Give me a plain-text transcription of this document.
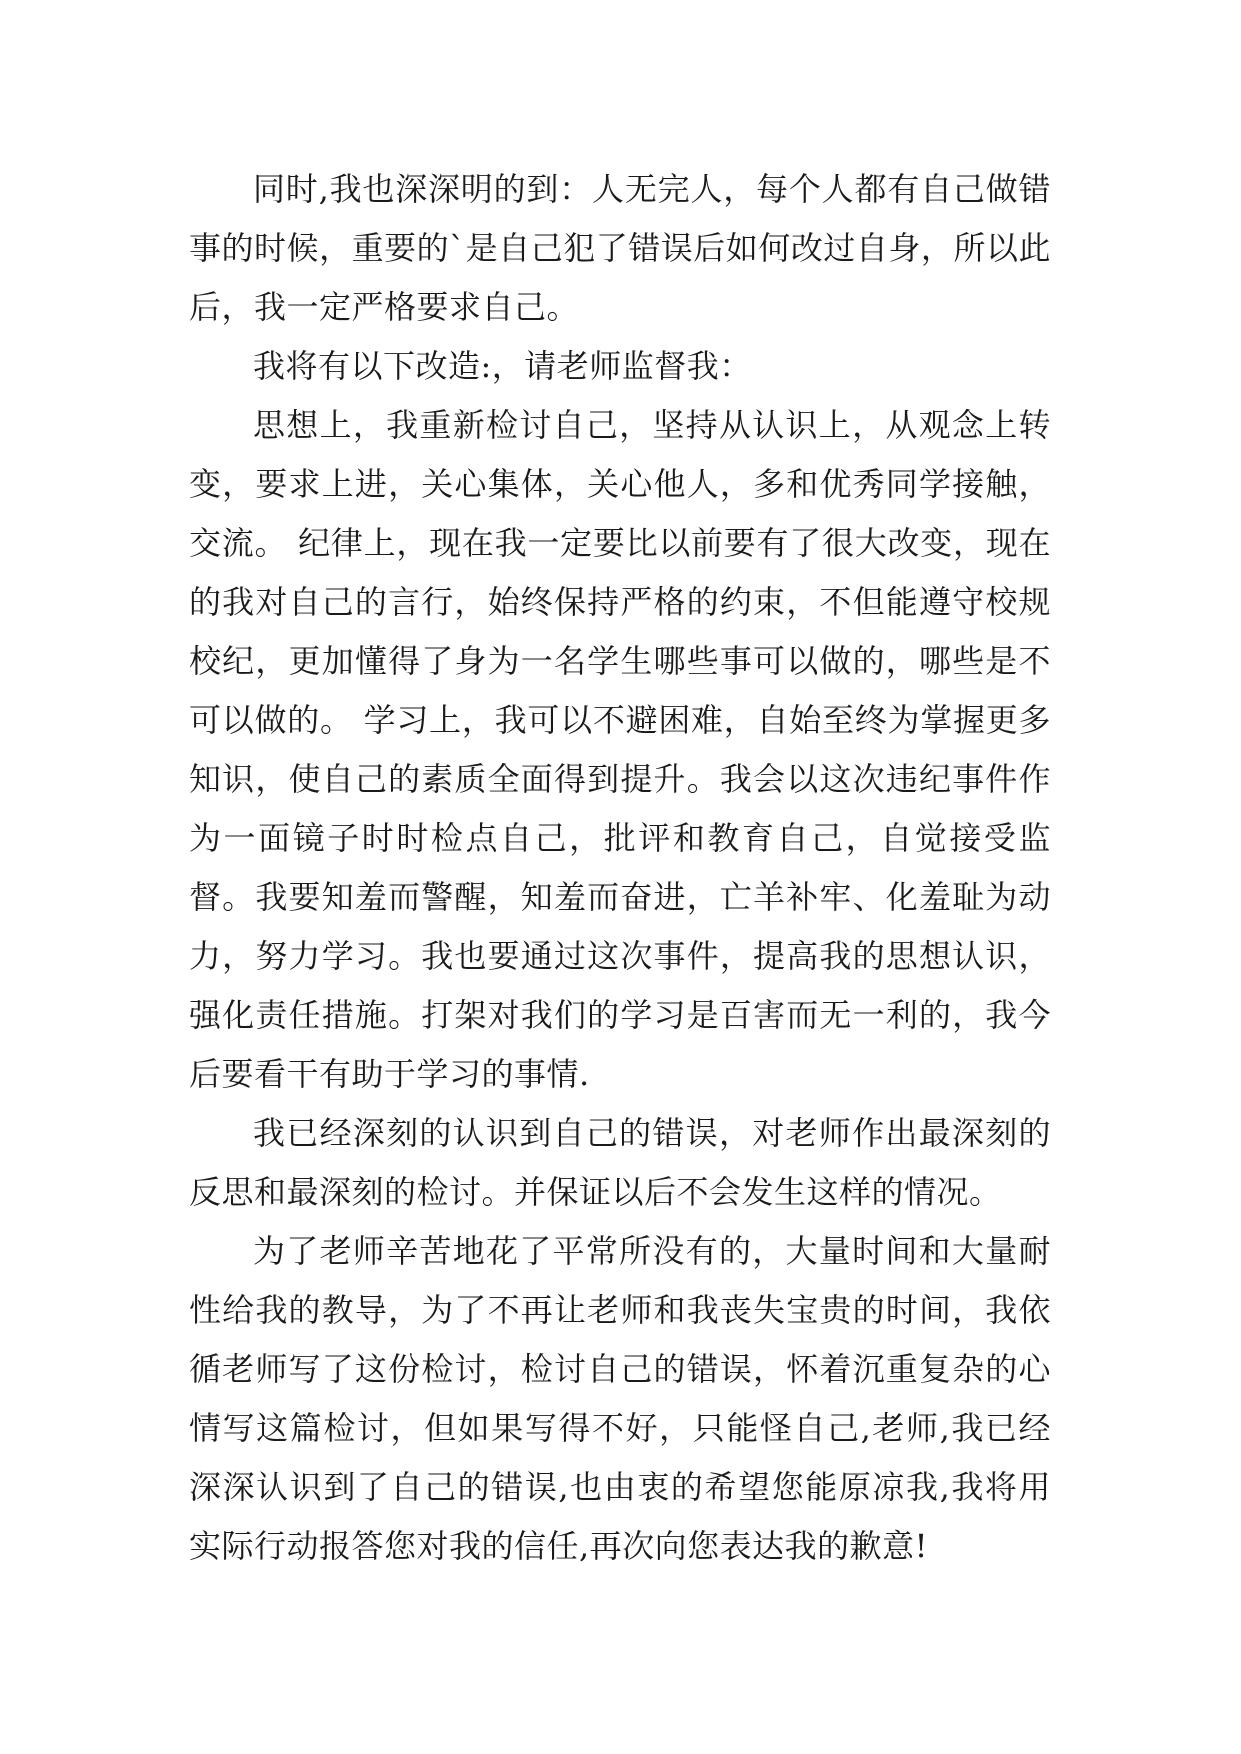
同时,我也深深明的到：人无完人，每个人都有自己做错事的时候，重要的`是自己犯了错误后如何改过自身，所以此后，我一定严格要求自己。

我将有以下改造:，请老师监督我：

思想上，我重新检讨自己，坚持从认识上，从观念上转变，要求上进，关心集体，关心他人，多和优秀同学接触，交流。 纪律上，现在我一定要比以前要有了很大改变，现在的我对自己的言行，始终保持严格的约束，不但能遵守校规校纪，更加懂得了身为一名学生哪些事可以做的，哪些是不可以做的。 学习上，我可以不避困难，自始至终为掌握更多知识，使自己的素质全面得到提升。我会以这次违纪事件作为一面镜子时时检点自己，批评和教育自己，自觉接受监督。我要知羞而警醒，知羞而奋进，亡羊补牢、化羞耻为动力，努力学习。我也要通过这次事件，提高我的思想认识，强化责任措施。打架对我们的学习是百害而无一利的，我今后要看干有助于学习的事情.

我已经深刻的认识到自己的错误，对老师作出最深刻的反思和最深刻的检讨。并保证以后不会发生这样的情况。

为了老师辛苦地花了平常所没有的，大量时间和大量耐性给我的教导，为了不再让老师和我丧失宝贵的时间，我依循老师写了这份检讨，检讨自己的错误，怀着沉重复杂的心情写这篇检讨，但如果写得不好，只能怪自己,老师,我已经深深认识到了自己的错误,也由衷的希望您能原凉我,我将用实际行动报答您对我的信任,再次向您表达我的歉意!
